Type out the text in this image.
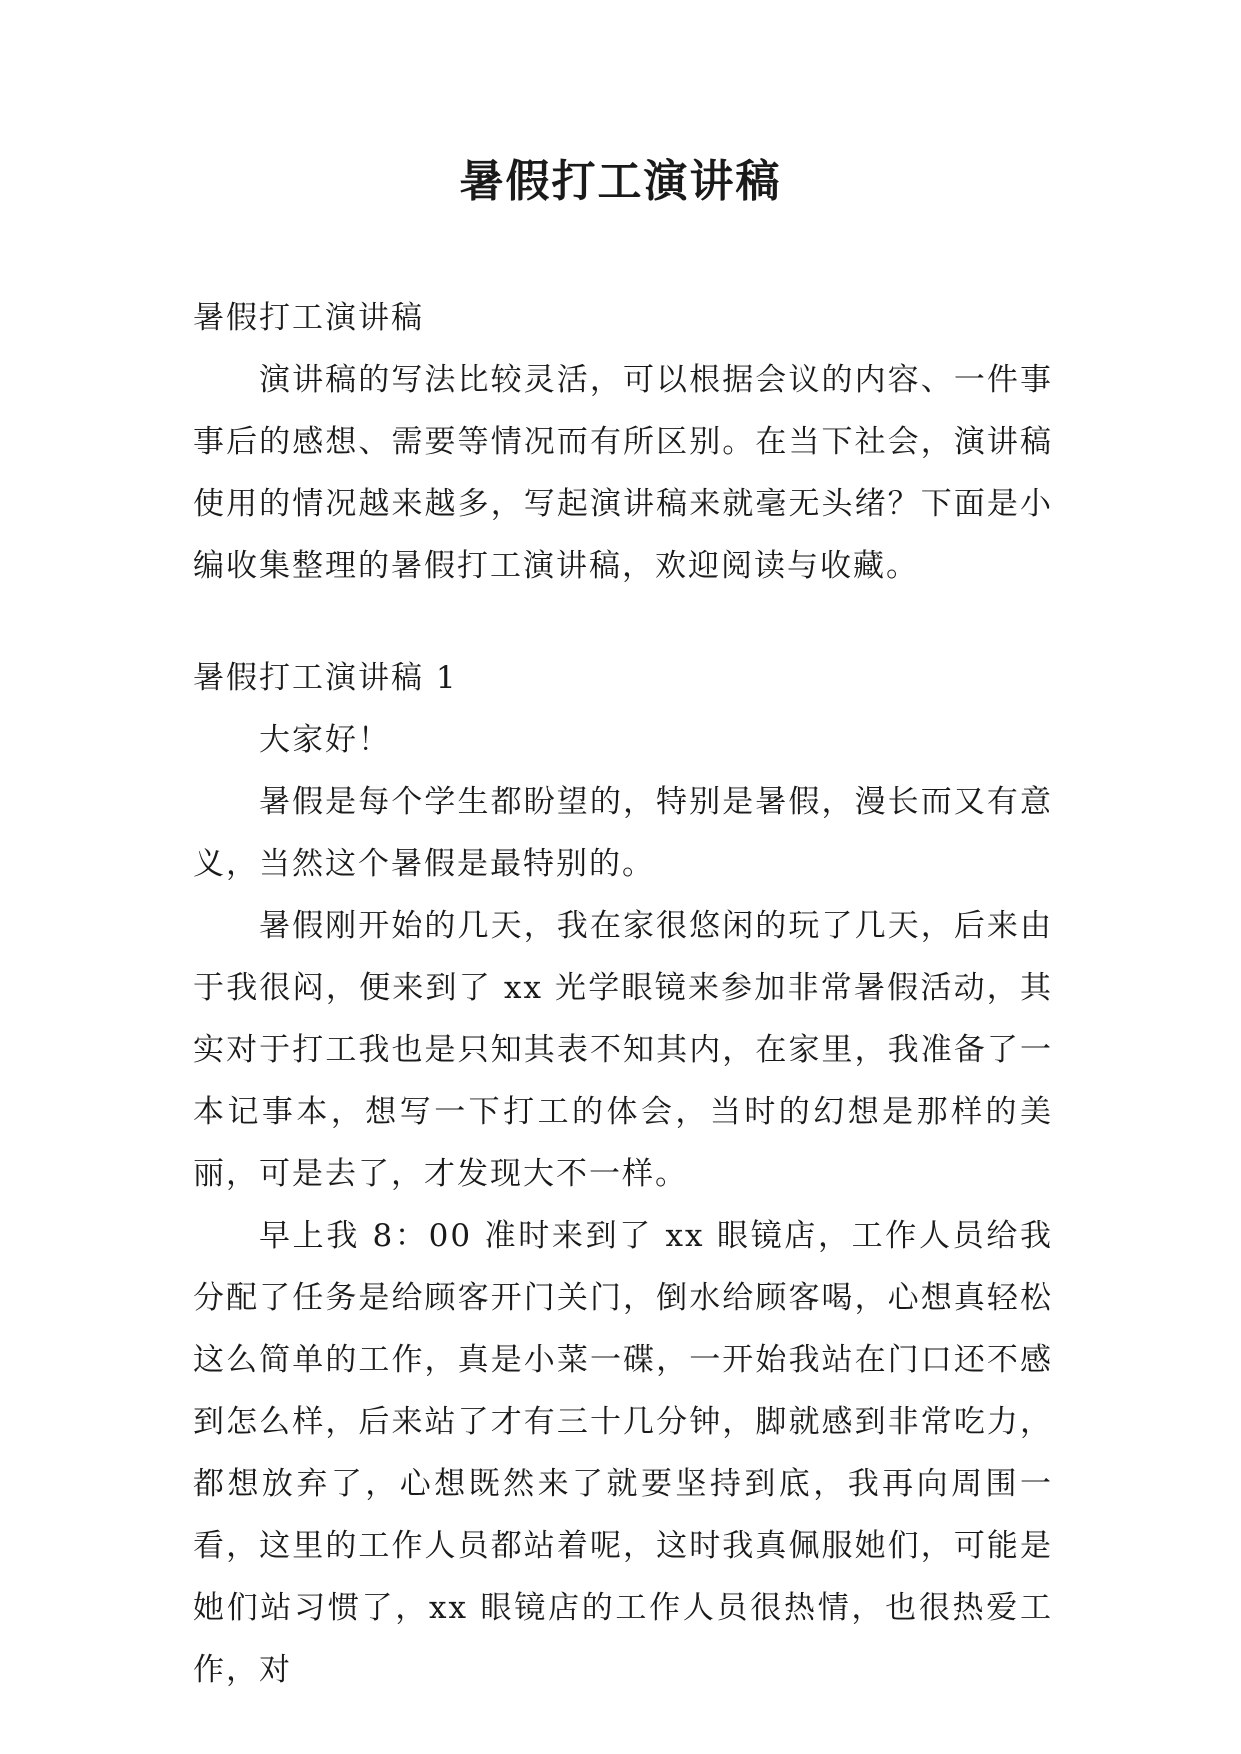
暑假打工演讲稿

暑假打工演讲稿

演讲稿的写法比较灵活，可以根据会议的内容、一件事事后的感想、需要等情况而有所区别。在当下社会，演讲稿使用的情况越来越多，写起演讲稿来就毫无头绪？下面是小编收集整理的暑假打工演讲稿，欢迎阅读与收藏。

暑假打工演讲稿 1

大家好！

暑假是每个学生都盼望的，特别是暑假，漫长而又有意义，当然这个暑假是最特别的。

暑假刚开始的几天，我在家很悠闲的玩了几天，后来由于我很闷，便来到了 xx 光学眼镜来参加非常暑假活动，其实对于打工我也是只知其表不知其内，在家里，我准备了一本记事本，想写一下打工的体会，当时的幻想是那样的美丽，可是去了，才发现大不一样。

早上我 8：00 准时来到了 xx 眼镜店，工作人员给我分配了任务是给顾客开门关门，倒水给顾客喝，心想真轻松这么简单的工作，真是小菜一碟，一开始我站在门口还不感到怎么样，后来站了才有三十几分钟，脚就感到非常吃力，都想放弃了，心想既然来了就要坚持到底，我再向周围一看，这里的工作人员都站着呢，这时我真佩服她们，可能是她们站习惯了，xx 眼镜店的工作人员很热情，也很热爱工作，对
